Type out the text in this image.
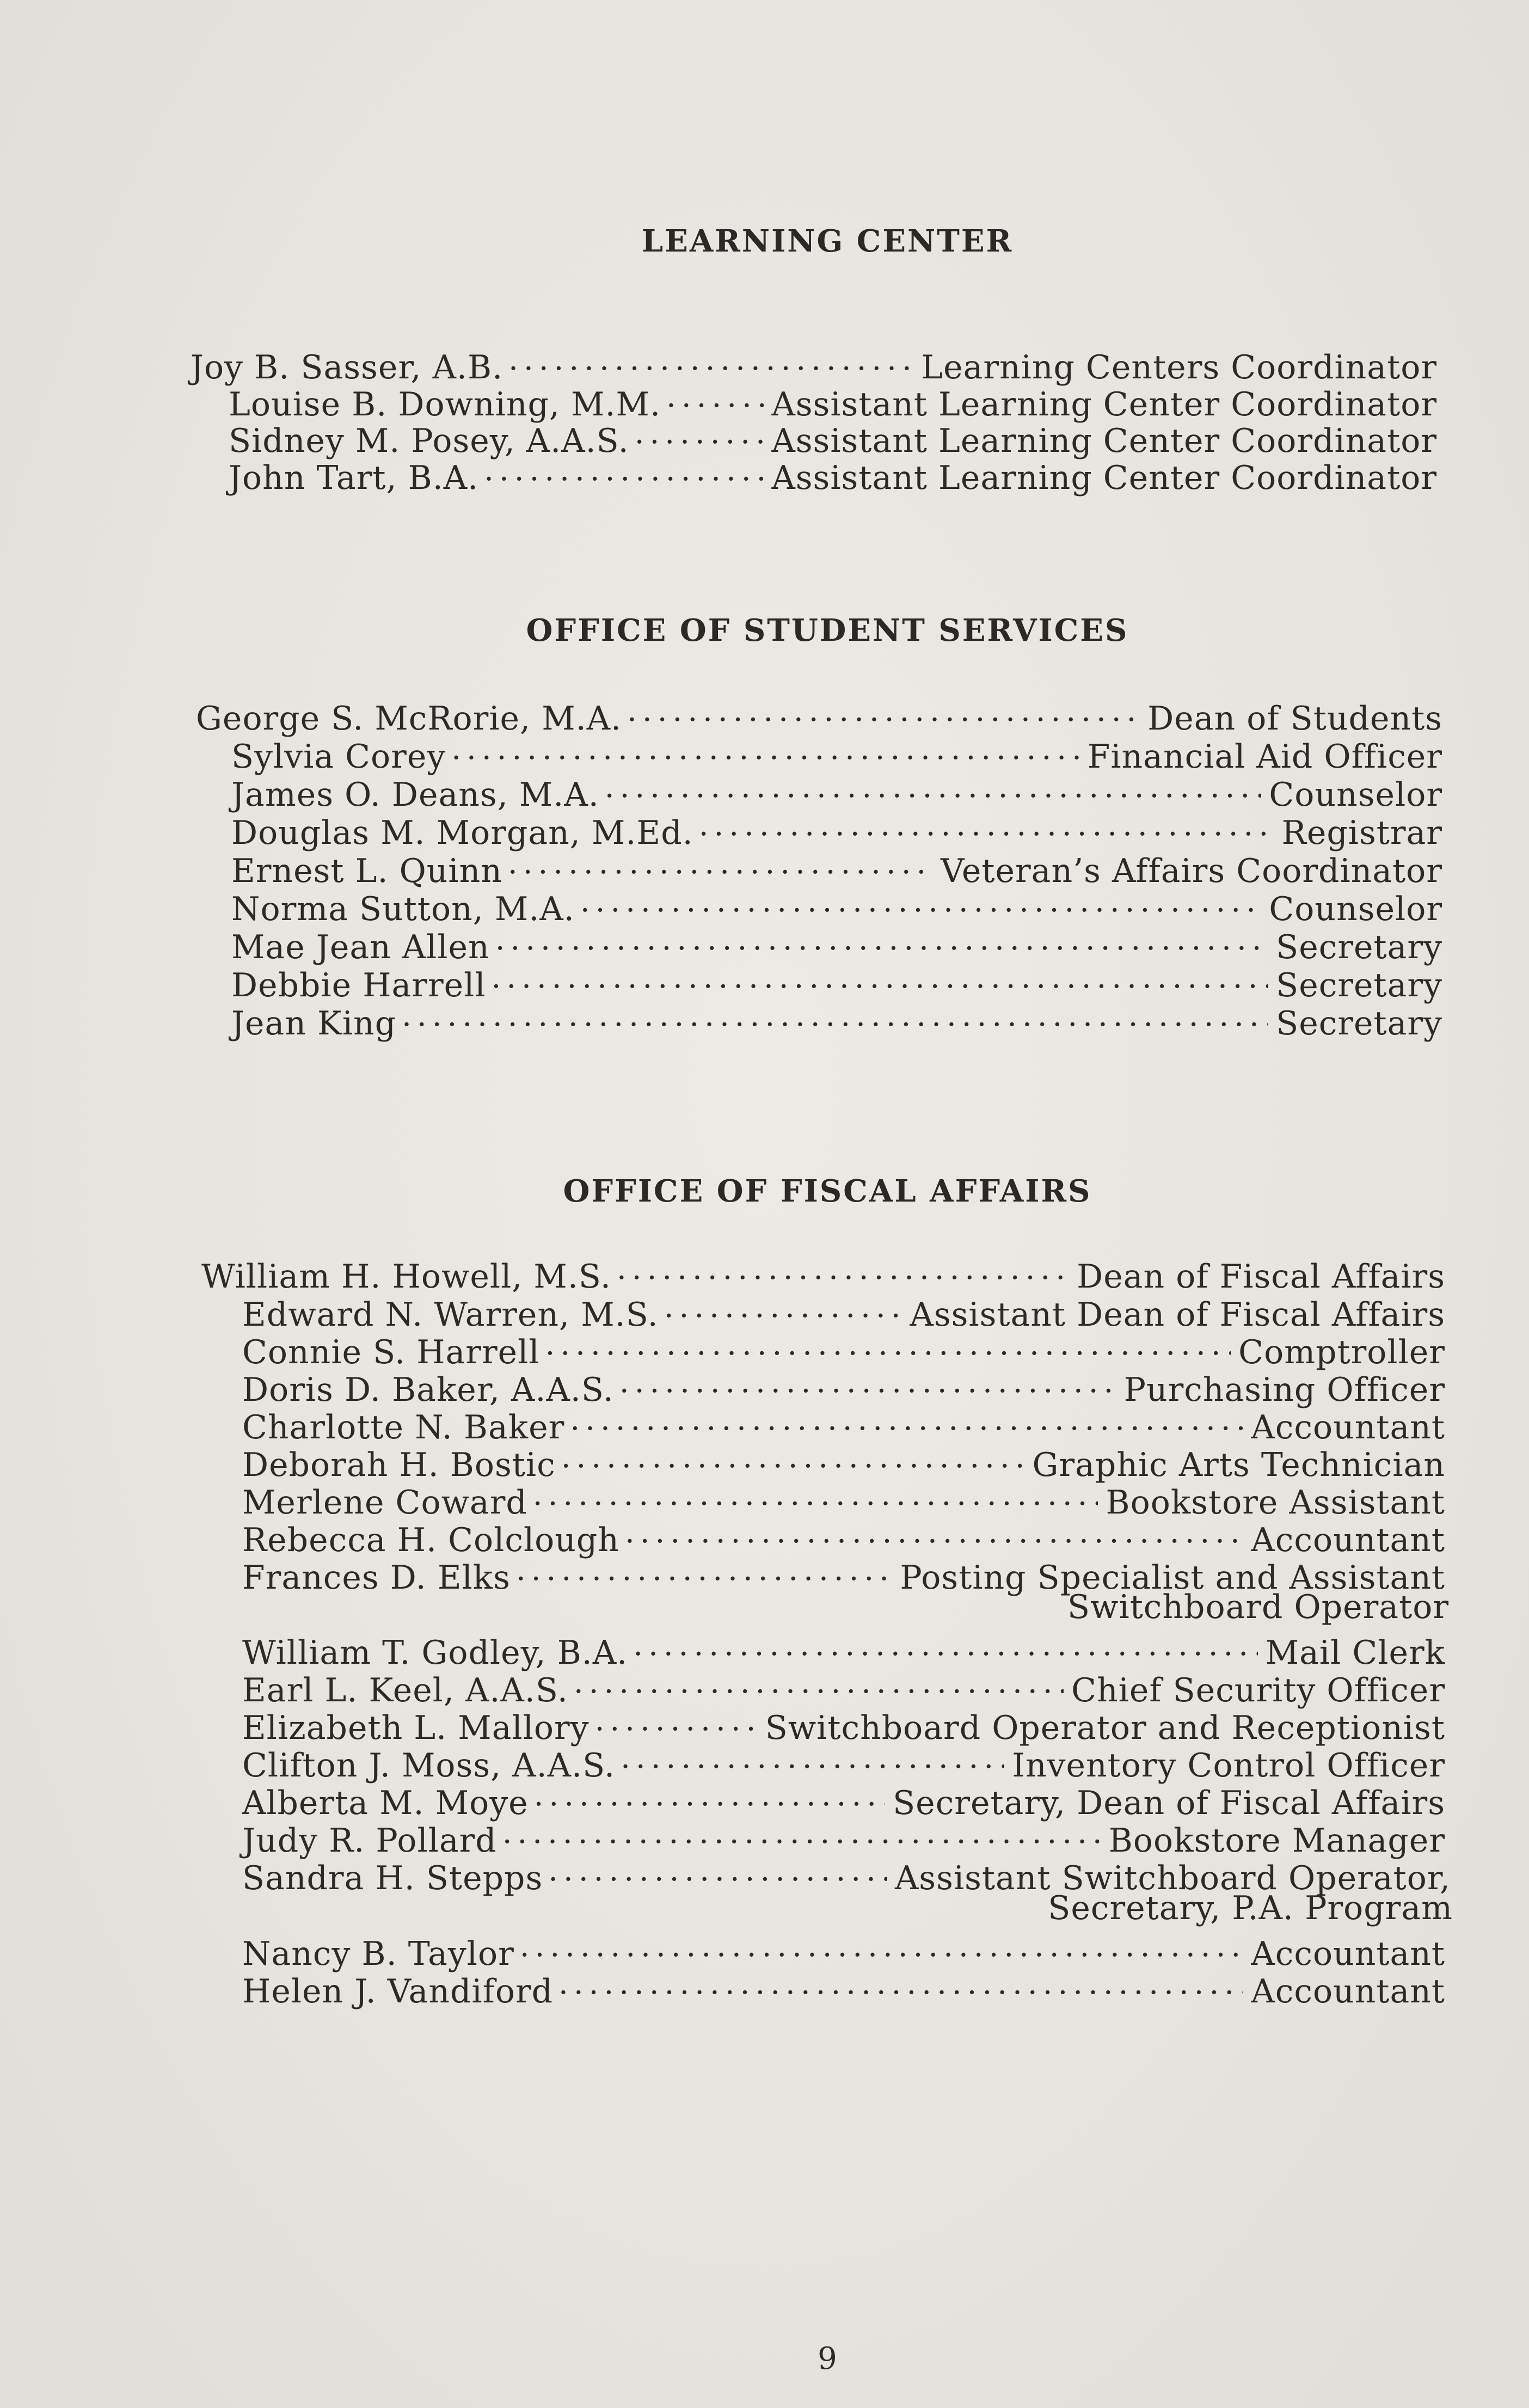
LEARNING CENTER
Joy B. Sasser, A.B. .....	Learning Centers Coordinator
Louise B. Downing, M.M. .....	Assistant Learning Center Coordinator
Sidney M. Posey, A.A.S. .....	Assistant Learning Center Coordinator
John Tart, B.A. .....	Assistant Learning Center Coordinator
OFFICE OF STUDENT SERVICES
George S. McRorie, M.A. .....	Dean of Students
Sylvia Corey .....	Financial Aid Officer
James O. Deans, M.A. .....	Counselor
Douglas M. Morgan, M.Ed. .....	Registrar
Ernest L. Quinn .....	Veteran’s Affairs Coordinator
Norma Sutton, M.A. .....	Counselor
Mae Jean Allen .....	Secretary
Debbie Harrell .....	Secretary
Jean King .....	Secretary
OFFICE OF FISCAL AFFAIRS
William H. Howell, M.S. .....	Dean of Fiscal Affairs
Edward N. Warren, M.S. .....	Assistant Dean of Fiscal Affairs
Connie S. Harrell .....	Comptroller
Doris D. Baker, A.A.S. .....	Purchasing Officer
Charlotte N. Baker .....	Accountant
Deborah H. Bostic .....	Graphic Arts Technician
Merlene Coward .....	Bookstore Assistant
Rebecca H. Colclough .....	Accountant
Frances D. Elks .....	Posting Specialist and Assistant
Switchboard Operator
William T. Godley, B.A. .....	Mail Clerk
Earl L. Keel, A.A.S. .....	Chief Security Officer
Elizabeth L. Mallory .....	Switchboard Operator and Receptionist
Clifton J. Moss, A.A.S. .....	Inventory Control Officer
Alberta M. Moye .....	Secretary, Dean of Fiscal Affairs
Judy R. Pollard .....	Bookstore Manager
Sandra H. Stepps .....	Assistant Switchboard Operator,
Secretary, P.A. Program
Nancy B. Taylor .....	Accountant
Helen J. Vandiford .....	Accountant
9
